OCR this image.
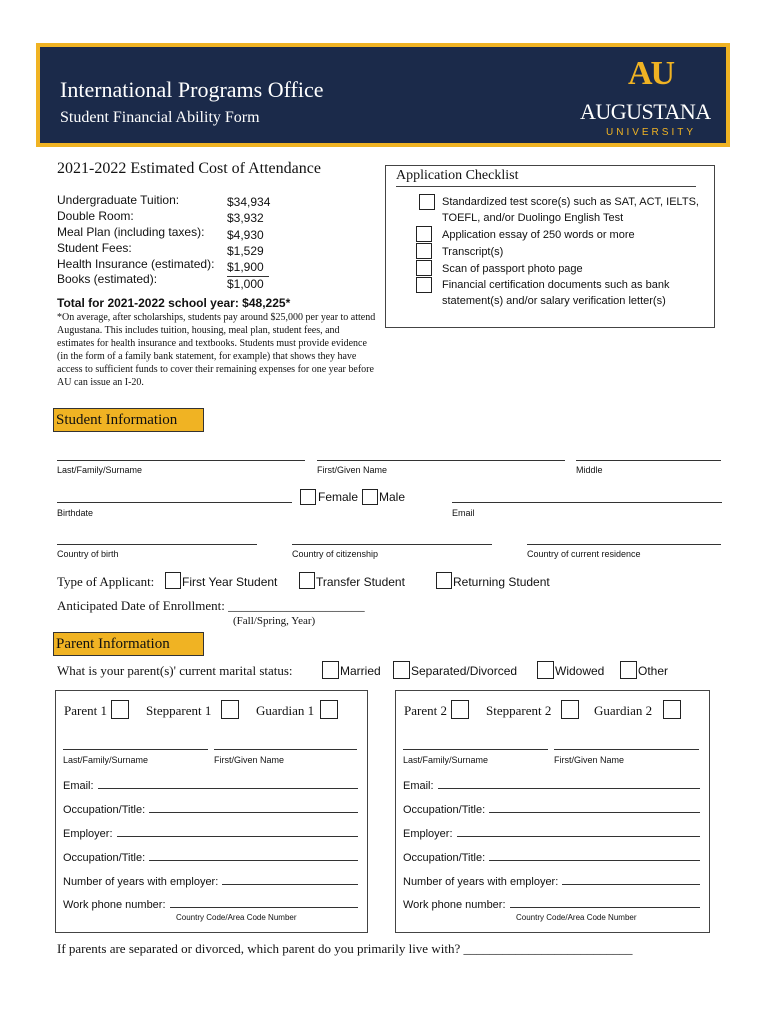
International Programs Office
Student Financial Ability Form
AU
AUGUSTANA
UNIVERSITY
2021-2022 Estimated Cost of Attendance
Undergraduate Tuition:	$34,934
Double Room:	$3,932
Meal Plan (including taxes): $4,930
Student Fees:	$1,529
Health Insurance (estimated): $1,900
Books (estimated):	$1,000
Total for 2021-2022 school year: $48,225*
*On average, after scholarships, students pay around $25,000 per year to attend Augustana. This includes tuition, housing, meal plan, student fees, and estimates for health insurance and textbooks. Students must provide evidence (in the form of a family bank statement, for example) that shows they have access to sufficient funds to cover their remaining expenses for one year before AU can issue an I-20.
Application Checklist
Standardized test score(s) such as SAT, ACT, IELTS, TOEFL, and/or Duolingo English Test
Application essay of 250 words or more
Transcript(s)
Scan of passport photo page
Financial certification documents such as bank statement(s) and/or salary verification letter(s)
Student Information
Last/Family/Surname	First/Given Name	Middle
Birthdate
Female Male
Email
Country of birth	Country of citizenship	Country of current residence
Type of Applicant: First Year Student	Transfer Student	Returning Student
Anticipated Date of Enrollment: _____________________
(Fall/Spring, Year)
Parent Information
What is your parent(s)' current marital status:	Married	Separated/Divorced	Widowed	Other
Parent 1	Stepparent 1	Guardian 1
Last/Family/Surname	First/Given Name
Email:
Occupation/Title:
Employer:
Occupation/Title:
Number of years with employer:
Work phone number:
Country Code/Area Code Number
Parent 2	Stepparent 2	Guardian 2
Last/Family/Surname	First/Given Name
Email:
Occupation/Title:
Employer:
Occupation/Title:
Number of years with employer:
Work phone number:
Country Code/Area Code Number
If parents are separated or divorced, which parent do you primarily live with? __________________________
